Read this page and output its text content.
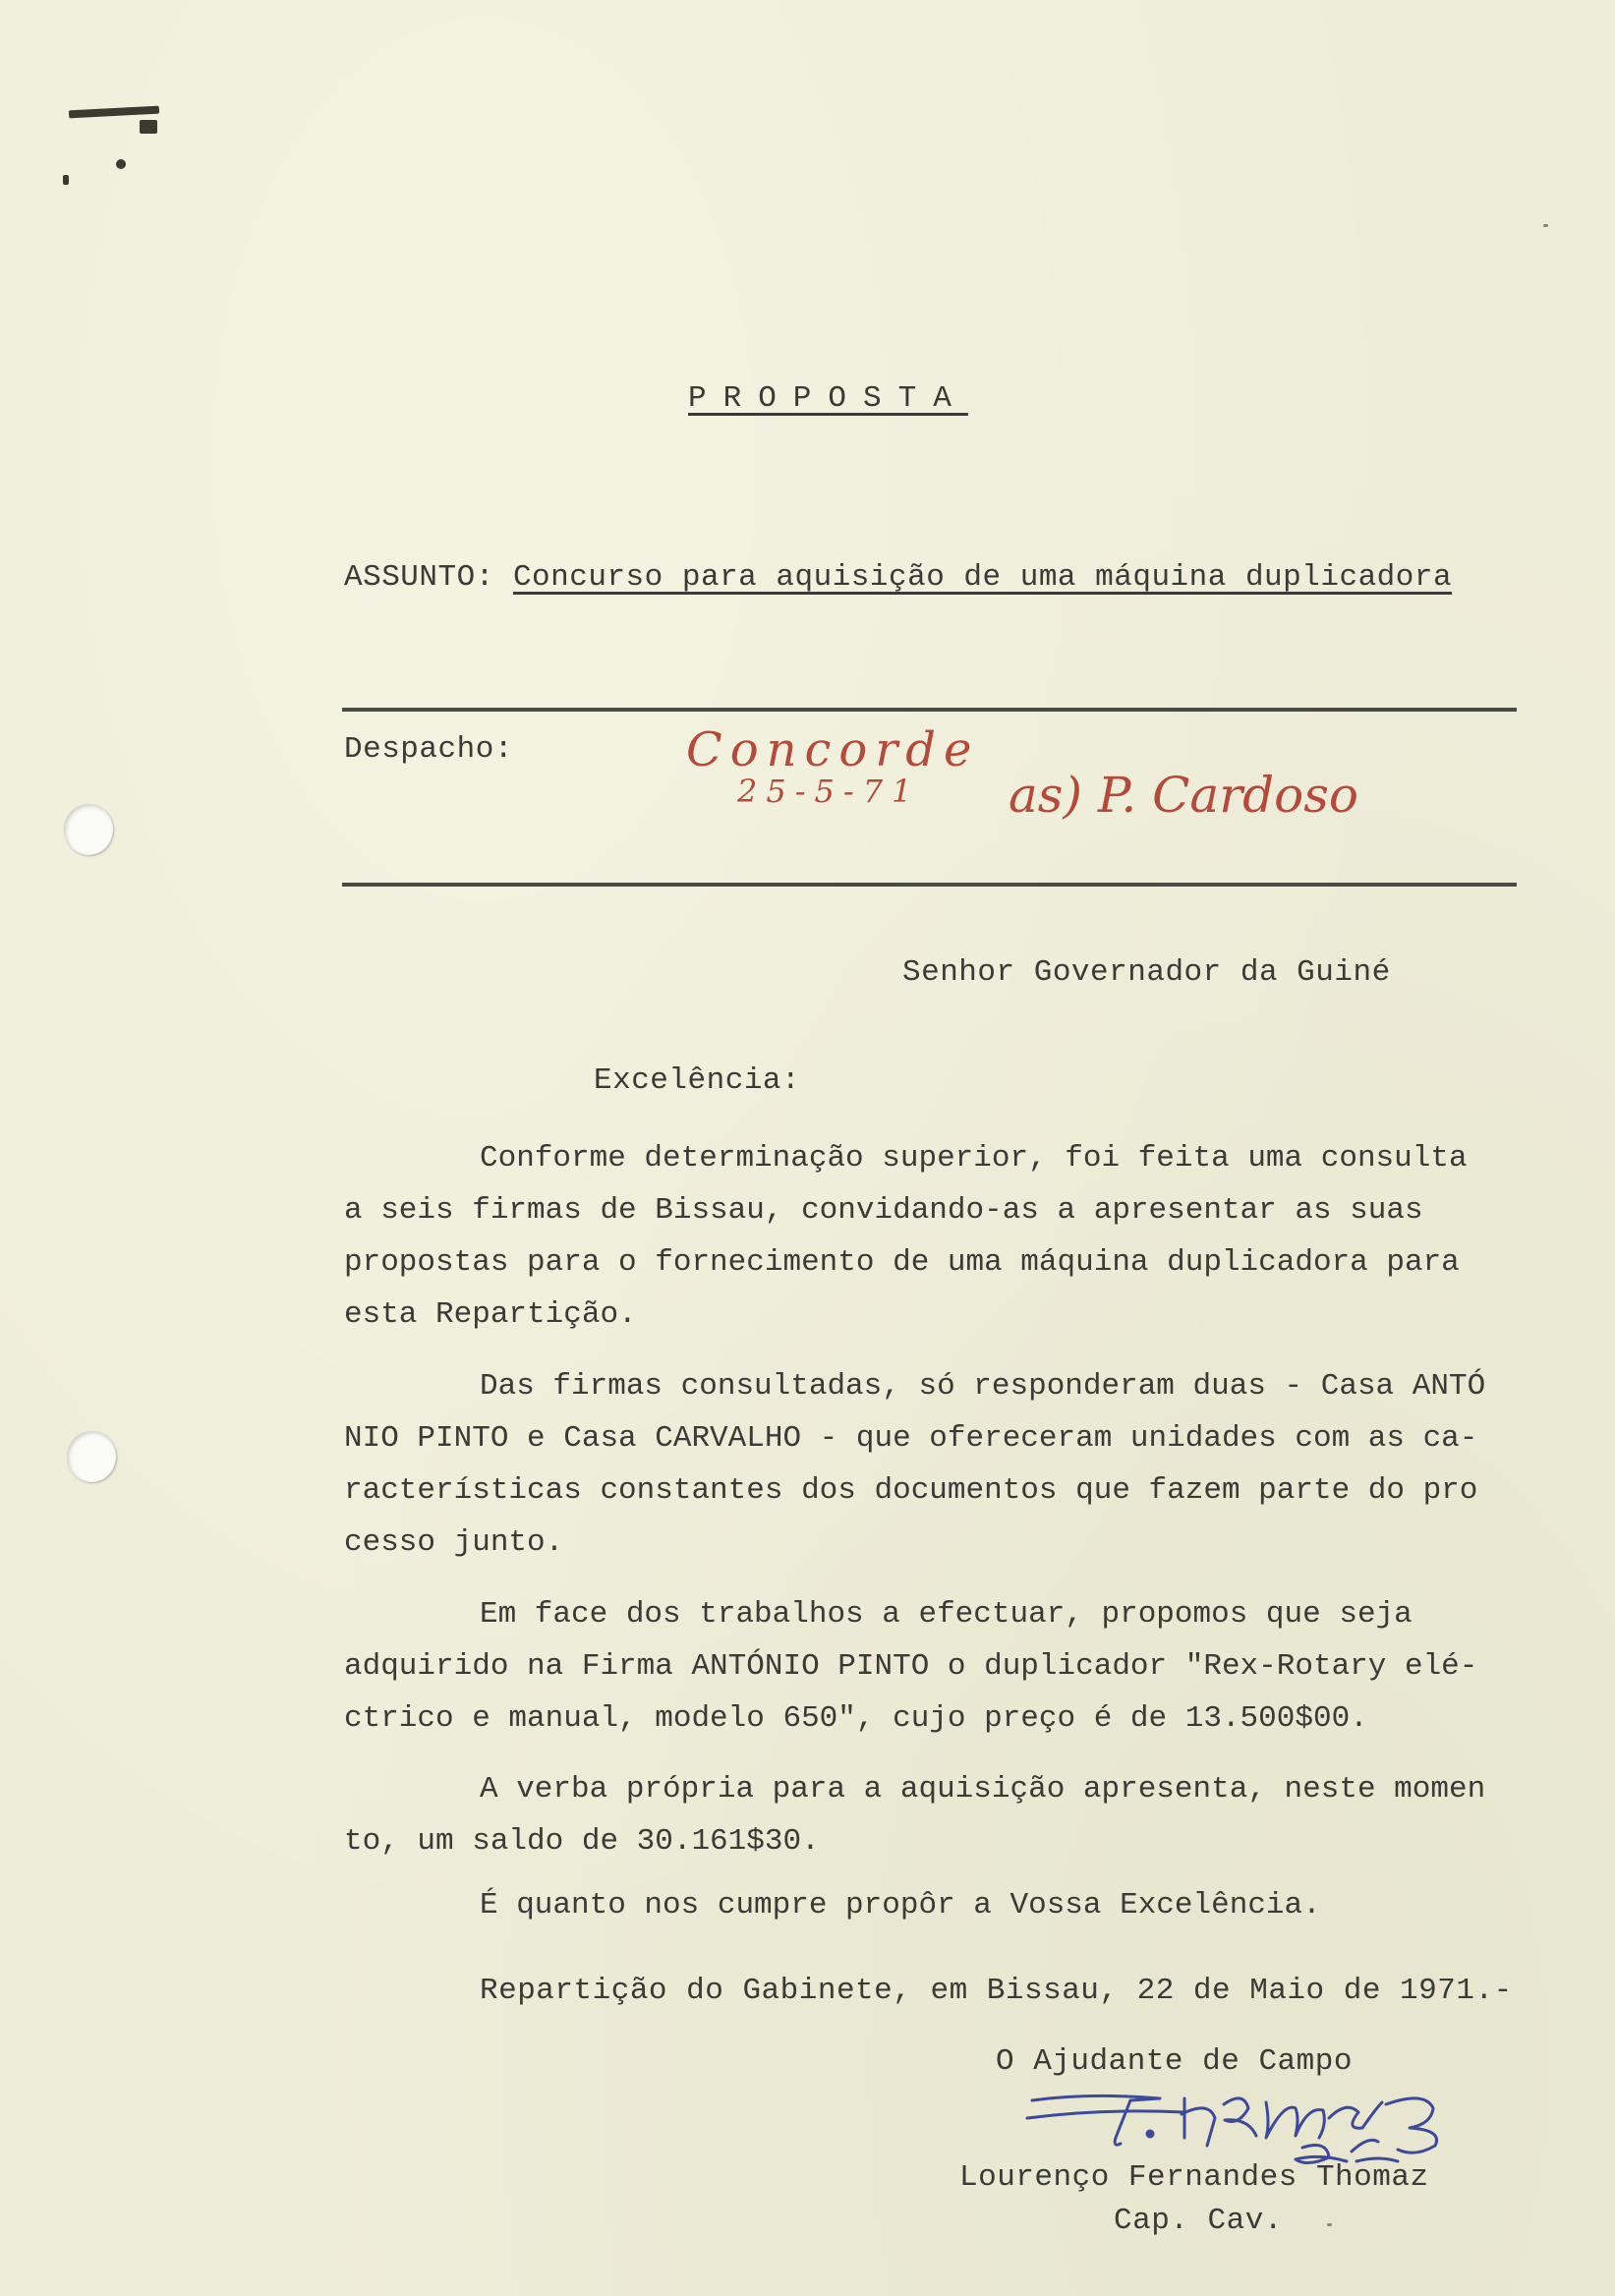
PROPOSTA
ASSUNTO: Concurso para aquisição de uma máquina duplicadora
Despacho:	Concorde
25-5-71 as) P. Cardoso
Senhor Governador da Guiné
Excelência:
Conforme determinação superior, foi feita uma consulta
a seis firmas de Bissau, convidando-as a apresentar as suas
propostas para o fornecimento de uma máquina duplicadora para
esta Repartição.
Das firmas consultadas, só responderam duas - Casa ANTÓ
NIO PINTO e Casa CARVALHO - que ofereceram unidades com as ca-
racterísticas constantes dos documentos que fazem parte do pro
cesso junto.
Em face dos trabalhos a efectuar, propomos que seja
adquirido na Firma ANTÓNIO PINTO o duplicador "Rex-Rotary elé-
ctrico e manual, modelo 650", cujo preço é de 13.500$00.
A verba própria para a aquisição apresenta, neste momen
to, um saldo de 30.161$30.
É quanto nos cumpre propôr a Vossa Excelência.
Repartição do Gabinete, em Bissau, 22 de Maio de 1971.-
O Ajudante de Campo
Lourenço Fernandes Thomaz
Cap. Cav.
